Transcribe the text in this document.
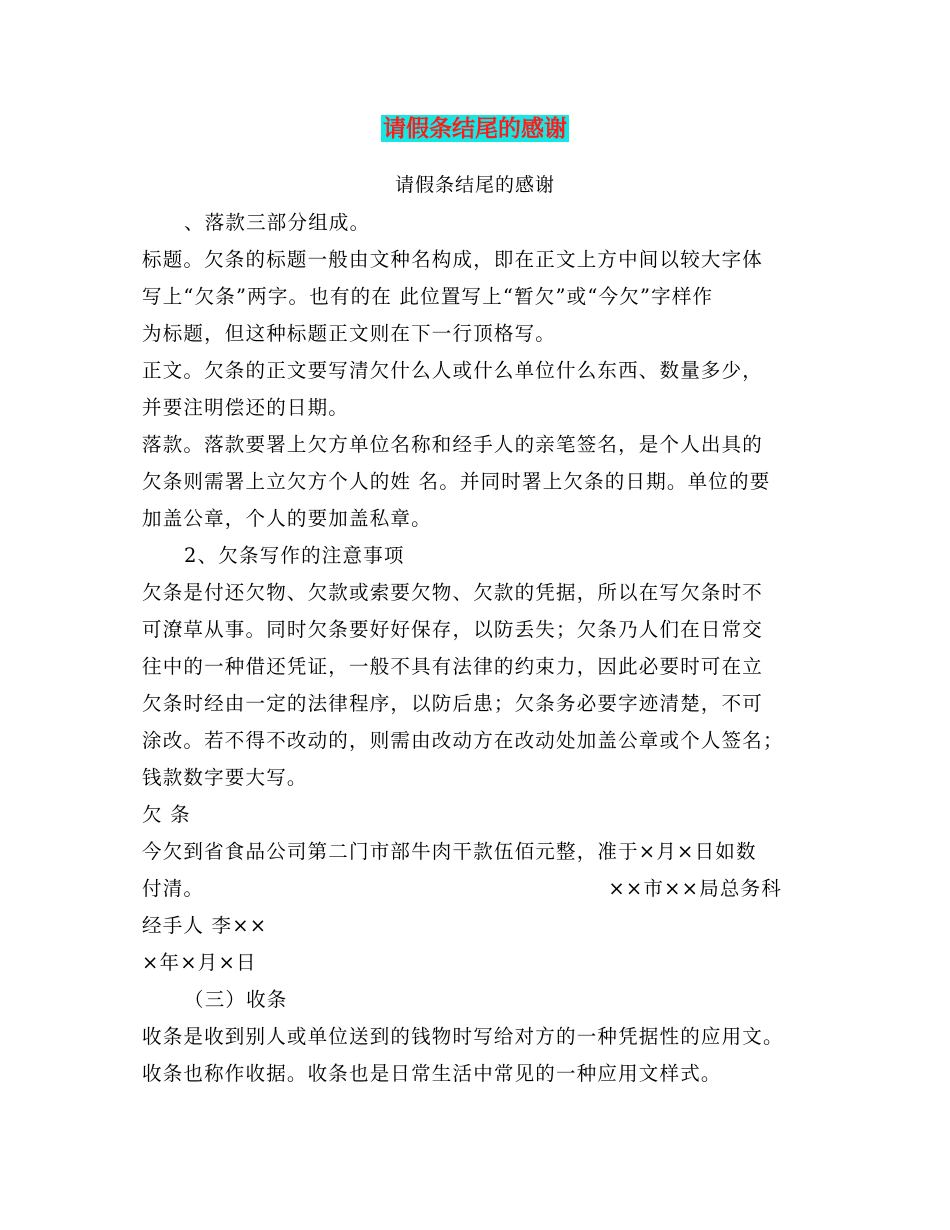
请假条结尾的感谢
请假条结尾的感谢
、落款三部分组成。
标题。欠条的标题一般由文种名构成，即在正文上方中间以较大字体
写上“欠条”两字。也有的在 此位置写上“暂欠”或“今欠”字样作
为标题，但这种标题正文则在下一行顶格写。
正文。欠条的正文要写清欠什么人或什么单位什么东西、数量多少，
并要注明偿还的日期。
落款。落款要署上欠方单位名称和经手人的亲笔签名，是个人出具的
欠条则需署上立欠方个人的姓 名。并同时署上欠条的日期。单位的要
加盖公章，个人的要加盖私章。
2、欠条写作的注意事项
欠条是付还欠物、欠款或索要欠物、欠款的凭据，所以在写欠条时不
可潦草从事。同时欠条要好好保存，以防丢失；欠条乃人们在日常交
往中的一种借还凭证，一般不具有法律的约束力，因此必要时可在立
欠条时经由一定的法律程序，以防后患；欠条务必要字迹清楚，不可
涂改。若不得不改动的，则需由改动方在改动处加盖公章或个人签名；
钱款数字要大写。
欠 条
今欠到省食品公司第二门市部牛肉干款伍佰元整，准于×月×日如数
付清。	××市××局总务科
经手人 李××
×年×月×日
（三）收条
收条是收到别人或单位送到的钱物时写给对方的一种凭据性的应用文。
收条也称作收据。收条也是日常生活中常见的一种应用文样式。
